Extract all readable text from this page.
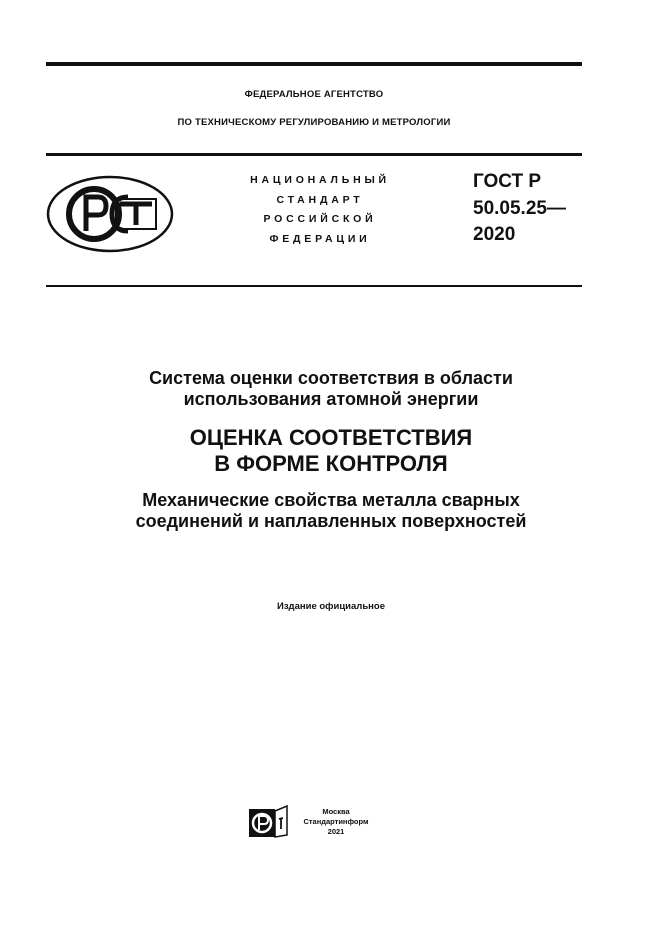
ФЕДЕРАЛЬНОЕ АГЕНТСТВО
ПО ТЕХНИЧЕСКОМУ РЕГУЛИРОВАНИЮ И МЕТРОЛОГИИ
НАЦИОНАЛЬНЫЙ
СТАНДАРТ
РОССИЙСКОЙ
ФЕДЕРАЦИИ
ГОСТ Р
50.05.25—
2020
Система оценки соответствия в области
использования атомной энергии
ОЦЕНКА СООТВЕТСТВИЯ
В ФОРМЕ КОНТРОЛЯ
Механические свойства металла сварных
соединений и наплавленных поверхностей
Издание официальное
Москва
Стандартинформ
2021
